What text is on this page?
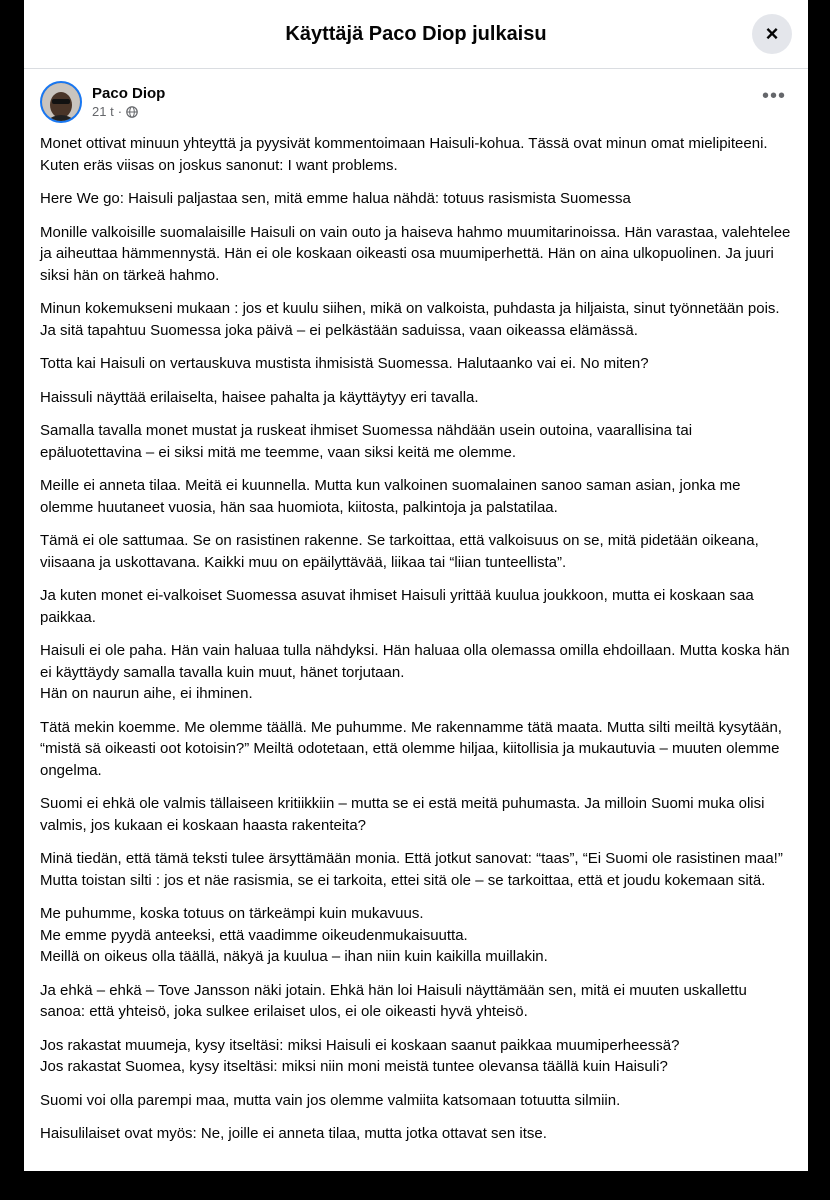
Käyttäjä Paco Diop julkaisu	×
Paco Diop
21 t ·
•••

Monet ottivat minuun yhteyttä ja pyysivät kommentoimaan Haisuli-kohua. Tässä ovat minun omat mielipiteeni. Kuten eräs viisas on joskus sanonut: I want problems.

Here We go: Haisuli paljastaa sen, mitä emme halua nähdä: totuus rasismista Suomessa

Monille valkoisille suomalaisille Haisuli on vain outo ja haiseva hahmo muumitarinoissa. Hän varastaa, valehtelee ja aiheuttaa hämmennystä. Hän ei ole koskaan oikeasti osa muumiperhettä. Hän on aina ulkopuolinen. Ja juuri siksi hän on tärkeä hahmo.

Minun kokemukseni mukaan : jos et kuulu siihen, mikä on valkoista, puhdasta ja hiljaista, sinut työnnetään pois. Ja sitä tapahtuu Suomessa joka päivä – ei pelkästään saduissa, vaan oikeassa elämässä.

Totta kai Haisuli on vertauskuva mustista ihmisistä Suomessa. Halutaanko vai ei. No miten?

Haissuli näyttää erilaiselta, haisee pahalta ja käyttäytyy eri tavalla.

Samalla tavalla monet mustat ja ruskeat ihmiset Suomessa nähdään usein outoina, vaarallisina tai epäluotettavina – ei siksi mitä me teemme, vaan siksi keitä me olemme.

Meille ei anneta tilaa. Meitä ei kuunnella. Mutta kun valkoinen suomalainen sanoo saman asian, jonka me olemme huutaneet vuosia, hän saa huomiota, kiitosta, palkintoja ja palstatilaa.

Tämä ei ole sattumaa. Se on rasistinen rakenne. Se tarkoittaa, että valkoisuus on se, mitä pidetään oikeana, viisaana ja uskottavana. Kaikki muu on epäilyttävää, liikaa tai “liian tunteellista”.

Ja kuten monet ei-valkoiset Suomessa asuvat ihmiset Haisuli yrittää kuulua joukkoon, mutta ei koskaan saa paikkaa.

Haisuli ei ole paha. Hän vain haluaa tulla nähdyksi. Hän haluaa olla olemassa omilla ehdoillaan. Mutta koska hän ei käyttäydy samalla tavalla kuin muut, hänet torjutaan.
Hän on naurun aihe, ei ihminen.

Tätä mekin koemme. Me olemme täällä. Me puhumme. Me rakennamme tätä maata. Mutta silti meiltä kysytään, “mistä sä oikeasti oot kotoisin?” Meiltä odotetaan, että olemme hiljaa, kiitollisia ja mukautuvia – muuten olemme ongelma.

Suomi ei ehkä ole valmis tällaiseen kritiikkiin – mutta se ei estä meitä puhumasta. Ja milloin Suomi muka olisi valmis, jos kukaan ei koskaan haasta rakenteita?

Minä tiedän, että tämä teksti tulee ärsyttämään monia. Että jotkut sanovat: “taas”, “Ei Suomi ole rasistinen maa!” Mutta toistan silti : jos et näe rasismia, se ei tarkoita, ettei sitä ole – se tarkoittaa, että et joudu kokemaan sitä.

Me puhumme, koska totuus on tärkeämpi kuin mukavuus.
Me emme pyydä anteeksi, että vaadimme oikeudenmukaisuutta.
Meillä on oikeus olla täällä, näkyä ja kuulua – ihan niin kuin kaikilla muillakin.

Ja ehkä – ehkä – Tove Jansson näki jotain. Ehkä hän loi Haisuli näyttämään sen, mitä ei muuten uskallettu sanoa: että yhteisö, joka sulkee erilaiset ulos, ei ole oikeasti hyvä yhteisö.

Jos rakastat muumeja, kysy itseltäsi: miksi Haisuli ei koskaan saanut paikkaa muumiperheessä?
Jos rakastat Suomea, kysy itseltäsi: miksi niin moni meistä tuntee olevansa täällä kuin Haisuli?

Suomi voi olla parempi maa, mutta vain jos olemme valmiita katsomaan totuutta silmiin.

Haisulilaiset ovat myös: Ne, joille ei anneta tilaa, mutta jotka ottavat sen itse.
